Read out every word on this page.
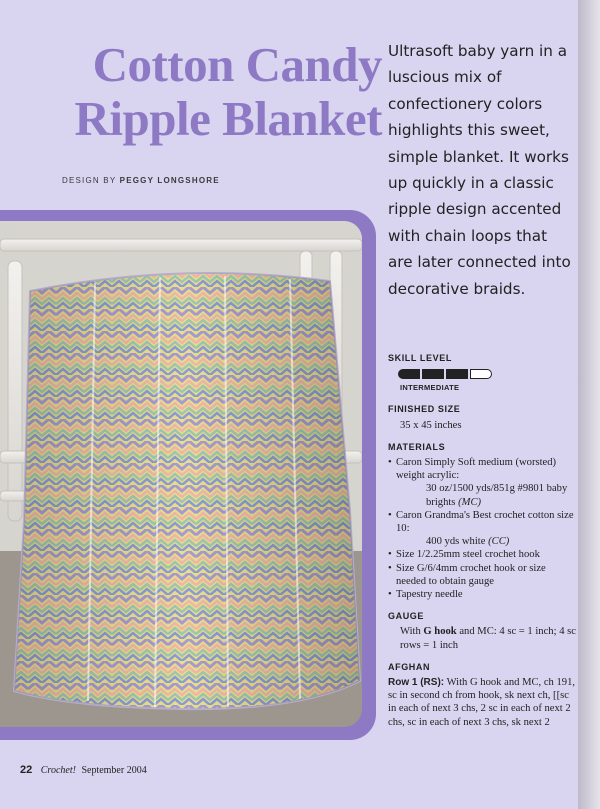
Cotton Candy
Ripple Blanket
DESIGN BY PEGGY LONGSHORE

Ultrasoft baby yarn in a luscious mix of confectionery colors highlights this sweet, simple blanket. It works up quickly in a classic ripple design accented with chain loops that are later connected into decorative braids.

SKILL LEVEL
INTERMEDIATE
FINISHED SIZE
35 x 45 inches
MATERIALS
• Caron Simply Soft medium (worsted) weight acrylic:
30 oz/1500 yds/851g #9801 baby brights (MC)
• Caron Grandma's Best crochet cotton size 10:
400 yds white (CC)
• Size 1/2.25mm steel crochet hook
• Size G/6/4mm crochet hook or size needed to obtain gauge
• Tapestry needle
GAUGE
With G hook and MC: 4 sc = 1 inch; 4 sc rows = 1 inch
AFGHAN
Row 1 (RS): With G hook and MC, ch 191, sc in second ch from hook, sk next ch, [[sc in each of next 3 chs, 2 sc in each of next 2 chs, sc in each of next 3 chs, sk next 2
22 Crochet! September 2004
